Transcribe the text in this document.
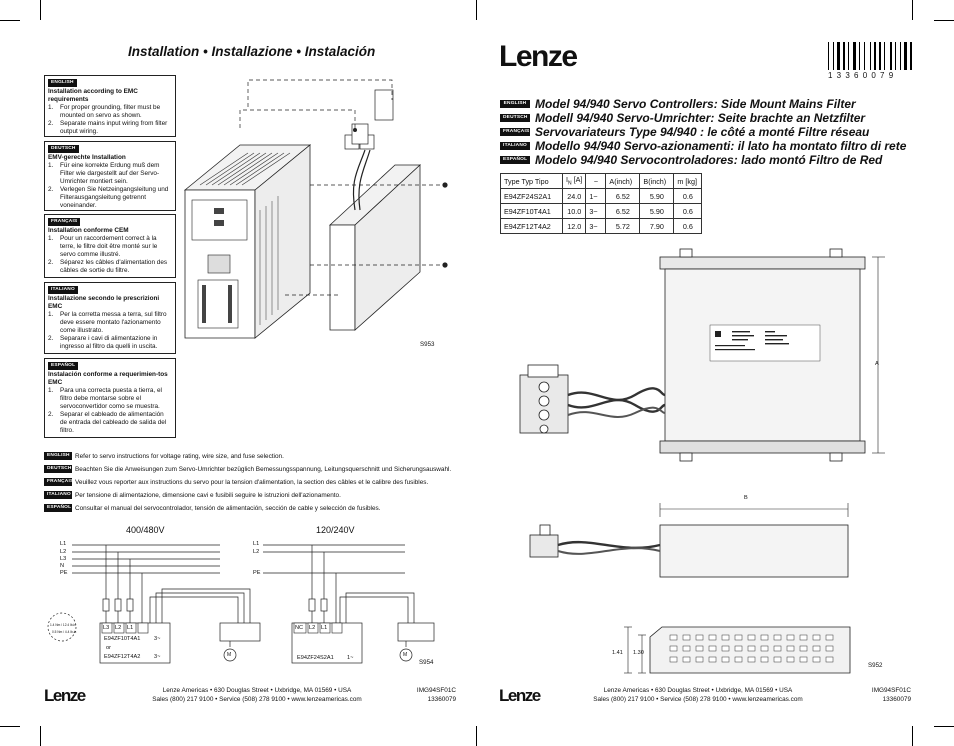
Installation • Installazione • Instalación
ENGLISH
Installation according to EMC requirements
1. For proper grounding, filter must be mounted on servo as shown.
2. Separate mains input wiring from filter output wiring.
DEUTSCH
EMV-gerechte Installation
1. Für eine korrekte Erdung muß dem Filter wie dargestellt auf der Servo-Umrichter montiert sein.
2. Verlegen Sie Netzeingangsleitung und Filterausgangsleitung getrennt voneinander.
FRANÇAIS
Installation conforme CEM
1. Pour un raccordement correct à la terre, le filtre doit être monté sur le servo comme illustré.
2. Séparez les câbles d'alimentation des câbles de sortie du filtre.
ITALIANO
Installazione secondo le prescrizioni EMC
1. Per la corretta messa a terra, sul filtro deve essere montato l'azionamento come illustrato.
2. Separare i cavi di alimentazione in ingresso al filtro da quelli in uscita.
ESPAÑOL
Instalación conforme a requerimien-tos EMC
1. Para una correcta puesta a tierra, el filtro debe montarse sobre el servoconvertidor como se muestra.
2. Separar el cableado de alimentación de entrada del cableado de salida del filtro.
S953
ENGLISH Refer to servo instructions for voltage rating, wire size, and fuse selection.
DEUTSCH Beachten Sie die Anweisungen zum Servo-Umrichter bezüglich Bemessungsspannung, Leitungsquerschnitt und Sicherungsauswahl.
FRANÇAIS Veuillez vous reporter aux instructions du servo pour la tension d'alimentation, la section des câbles et le calibre des fusibles.
ITALIANO Per tensione di alimentazione, dimensione cavi e fusibili seguire le istruzioni dell'azionamento.
ESPAÑOL Consultar el manual del servocontrolador, tensión de alimentación, sección de cable y selección de fusibles.
400/480V	120/240V
L1
L2
L3
N
PE
L1
L2
PE
L3 L2 L1	NC L2 L1
E94ZF10T4A1 3~
or
E94ZF12T4A2 3~	E94ZF24S2A1 1~
M	M
1.4 Nm / 12.4 lb-in
0.5 Nm / 4.4 lb-in
S954
Lenze	Lenze Americas • 630 Douglas Street • Uxbridge, MA 01569 • USA
Sales (800) 217 9100 • Service (508) 278 9100 • www.lenzeamericas.com
IMG94SF01C
13360079
Lenze
1 3 3 6 0 0 7 9
ENGLISH Model 94/940 Servo Controllers: Side Mount Mains Filter
DEUTSCH Modell 94/940 Servo-Umrichter: Seite brachte an Netzfilter
FRANÇAIS Servovariateurs Type 94/940 : le côté a monté Filtre réseau
ITALIANO Modello 94/940 Servo-azionamenti: il lato ha montato filtro di rete
ESPAÑOL Modelo 94/940 Servocontroladores: lado montó Filtro de Red
Type Typ Tipo	$I_N$ [A]	~	A(inch)	B(inch)	m [kg]
E94ZF24S2A1	24.0	1~	6.52	5.90	0.6
E94ZF10T4A1	10.0	3~	6.52	5.90	0.6
E94ZF12T4A2	12.0	3~	5.72	7.90	0.6
A
B
1.41 1.30
S952
Lenze	Lenze Americas • 630 Douglas Street • Uxbridge, MA 01569 • USA
Sales (800) 217 9100 • Service (508) 278 9100 • www.lenzeamericas.com
IMG94SF01C
13360079
